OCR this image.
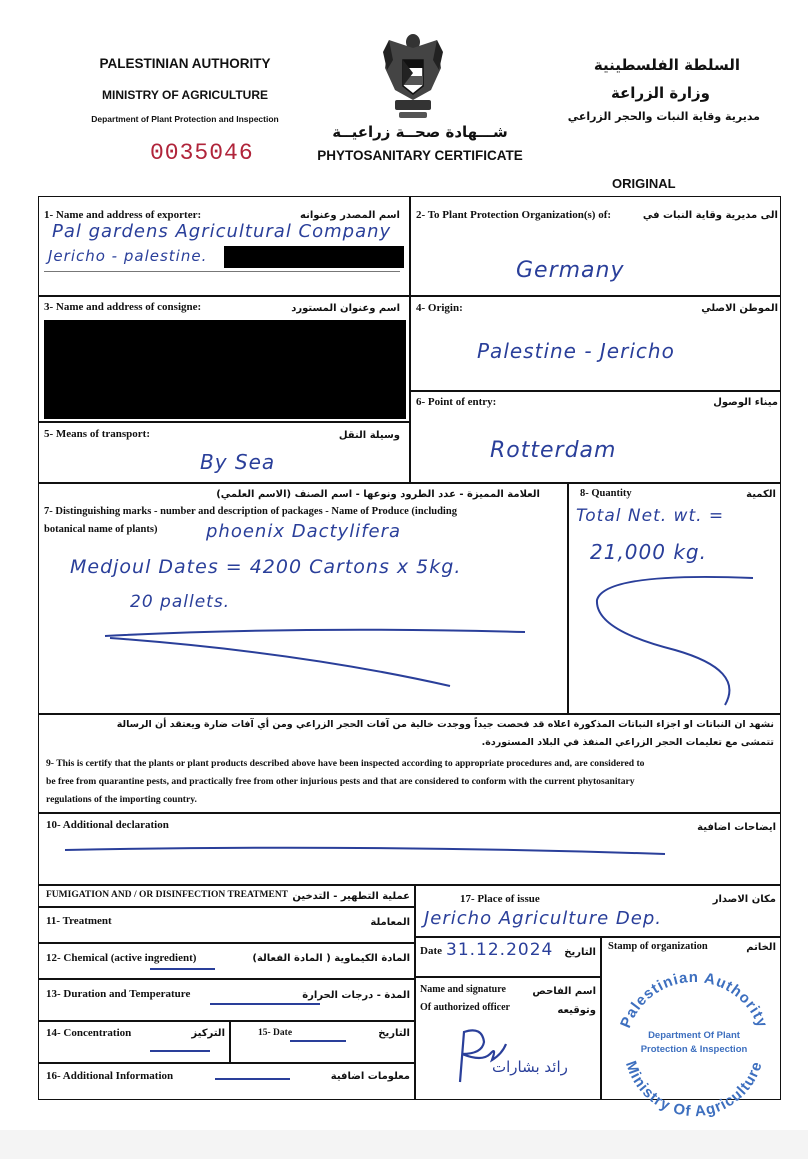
PALESTINIAN AUTHORITY
MINISTRY OF AGRICULTURE
Department of Plant Protection and Inspection
0035046
شـــهادة صحــة زراعيــة
PHYTOSANITARY CERTIFICATE
السلطة الفلسطينية
وزارة الزراعة
مديرية وقاية النبات والحجر الزراعي
ORIGINAL
1- Name and address of exporter:	اسم المصدر وعنوانه
Pal gardens Agricultural Company
Jericho - palestine.
2- To Plant Protection Organization(s) of:	الى مديرية وقاية النبات في
Germany
3- Name and address of consigne:	اسم وعنوان المستورد 4- Origin:	الموطن الاصلي
Palestine - Jericho
5- Means of transport:	وسيلة النقل
By Sea
6- Point of entry:	ميناء الوصول
Rotterdam
العلامة المميزة - عدد الطرود ونوعها - اسم الصنف (الاسم العلمي)
7- Distinguishing marks - number and description of packages - Name of Produce (including
botanical name of plants)	phoenix Dactylifera
Medjoul Dates = 4200 Cartons x 5kg.
20 pallets.
8- Quantity	الكمية
Total Net. wt. =
21,000 kg.
نشهد ان النباتات او اجزاء النباتات المذكورة اعلاه قد فحصت جيداً ووجدت خالية من آفات الحجر الزراعي ومن أي آفات ضارة ويعتقد أن الرسالة
تتمشى مع تعليمات الحجر الزراعي المنفذ في البلاد المستوردة.
9- This is certify that the plants or plant products described above have been inspected according to appropriate procedures and, are considered to
be free from quarantine pests, and practically free from other injurious pests and that are considered to conform with the current phytosanitary
regulations of the importing country.
10- Additional declaration	ايضاحات اضافية
FUMIGATION AND / OR DISINFECTION TREATMENT عملية التطهير - التدخين
11- Treatment	المعاملة
12- Chemical (active ingredient)	المادة الكيماوية ( المادة الفعالة)
13- Duration and Temperature	المدة - درجات الحرارة
14- Concentration	التركيز	15- Date	التاريخ
16- Additional Information	معلومات اضافية
17- Place of issue	مكان الاصدار
Jericho Agriculture Dep.
Date 31.12.2024	التاريخ
Stamp of organization	الخاتم
Name and signature
Of authorized officer
اسم الفاحص
وتوقيعه
رائد بشارات
Palestinian Authority
Ministry Of Agriculture
Department Of Plant
Protection & Inspection
